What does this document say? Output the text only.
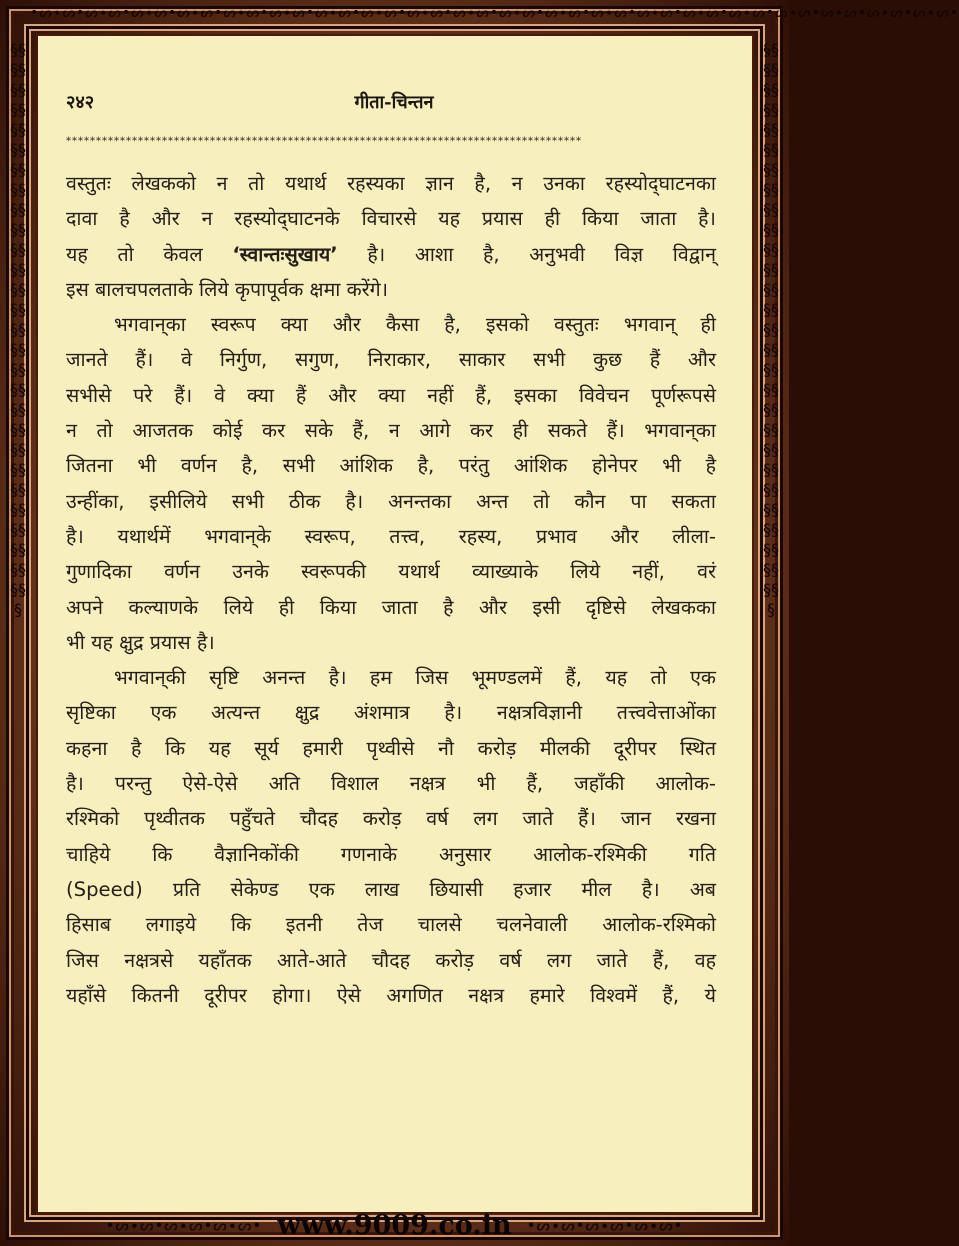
•ᔕ∙ᔕ•ᔕ∙ᔕ•ᔕ∙ᔕ•ᔕ∙ᔕ•ᔕ∙ᔕ•ᔕ∙ᔕ•ᔕ∙ᔕ•ᔕ∙ᔕ•ᔕ∙ᔕ•ᔕ∙ᔕ•ᔕ∙ᔕ•ᔕ∙ᔕ•ᔕ∙ᔕ•ᔕ∙ᔕ•ᔕ∙ᔕ•ᔕ∙ᔕ•ᔕ∙ᔕ•ᔕ∙ᔕ•ᔕ∙ᔕ•ᔕ∙ᔕ•
§§§§§§§§§§§§§§§§§§§§§§§§§§§§§§§§§§§§§§§§§§§§§§§§§§§§§§§§§
§§§§§§§§§§§§§§§§§§§§§§§§§§§§§§§§§§§§§§§§§§§§§§§§§§§§§§§§§
२४२	गीता-चिन्तन
**************************************************************************************
वस्तुतः लेखकको न तो यथार्थ रहस्यका ज्ञान है, न उनका रहस्योद्‌घाटनका
दावा है और न रहस्योद्‌घाटनके विचारसे यह प्रयास ही किया जाता है।
यह तो केवल ‘स्वान्तःसुखाय’ है। आशा है, अनुभवी विज्ञ विद्वान्
इस बालचपलताके लिये कृपापूर्वक क्षमा करेंगे।
भगवान्‌का स्वरूप क्या और कैसा है, इसको वस्तुतः भगवान् ही
जानते हैं। वे निर्गुण, सगुण, निराकार, साकार सभी कुछ हैं और
सभीसे परे हैं। वे क्या हैं और क्या नहीं हैं, इसका विवेचन पूर्णरूपसे
न तो आजतक कोई कर सके हैं, न आगे कर ही सकते हैं। भगवान्‌का
जितना भी वर्णन है, सभी आंशिक है, परंतु आंशिक होनेपर भी है
उन्हींका, इसीलिये सभी ठीक है। अनन्तका अन्त तो कौन पा सकता
है। यथार्थमें भगवान्‌के स्वरूप, तत्त्व, रहस्य, प्रभाव और लीला-
गुणादिका वर्णन उनके स्वरूपकी यथार्थ व्याख्याके लिये नहीं, वरं
अपने कल्याणके लिये ही किया जाता है और इसी दृष्टिसे लेखकका
भी यह क्षुद्र प्रयास है।
भगवान्‌की सृष्टि अनन्त है। हम जिस भूमण्डलमें हैं, यह तो एक
सृष्टिका एक अत्यन्त क्षुद्र अंशमात्र है। नक्षत्रविज्ञानी तत्त्ववेत्ताओंका
कहना है कि यह सूर्य हमारी पृथ्वीसे नौ करोड़ मीलकी दूरीपर स्थित
है। परन्तु ऐसे-ऐसे अति विशाल नक्षत्र भी हैं, जहाँकी आलोक-
रश्मिको पृथ्वीतक पहुँचते चौदह करोड़ वर्ष लग जाते हैं। जान रखना
चाहिये कि वैज्ञानिकोंकी गणनाके अनुसार आलोक-रश्मिकी गति
(Speed) प्रति सेकेण्ड एक लाख छियासी हजार मील है। अब
हिसाब लगाइये कि इतनी तेज चालसे चलनेवाली आलोक-रश्मिको
जिस नक्षत्रसे यहाँतक आते-आते चौदह करोड़ वर्ष लग जाते हैं, वह
यहाँसे कितनी दूरीपर होगा। ऐसे अगणित नक्षत्र हमारे विश्वमें हैं, ये
•ᔕ∙ᔕ•ᔕ∙ᔕ•ᔕ∙ᔕ• www.9009.co.in •ᔕ∙ᔕ•ᔕ∙ᔕ•ᔕ∙ᔕ•
